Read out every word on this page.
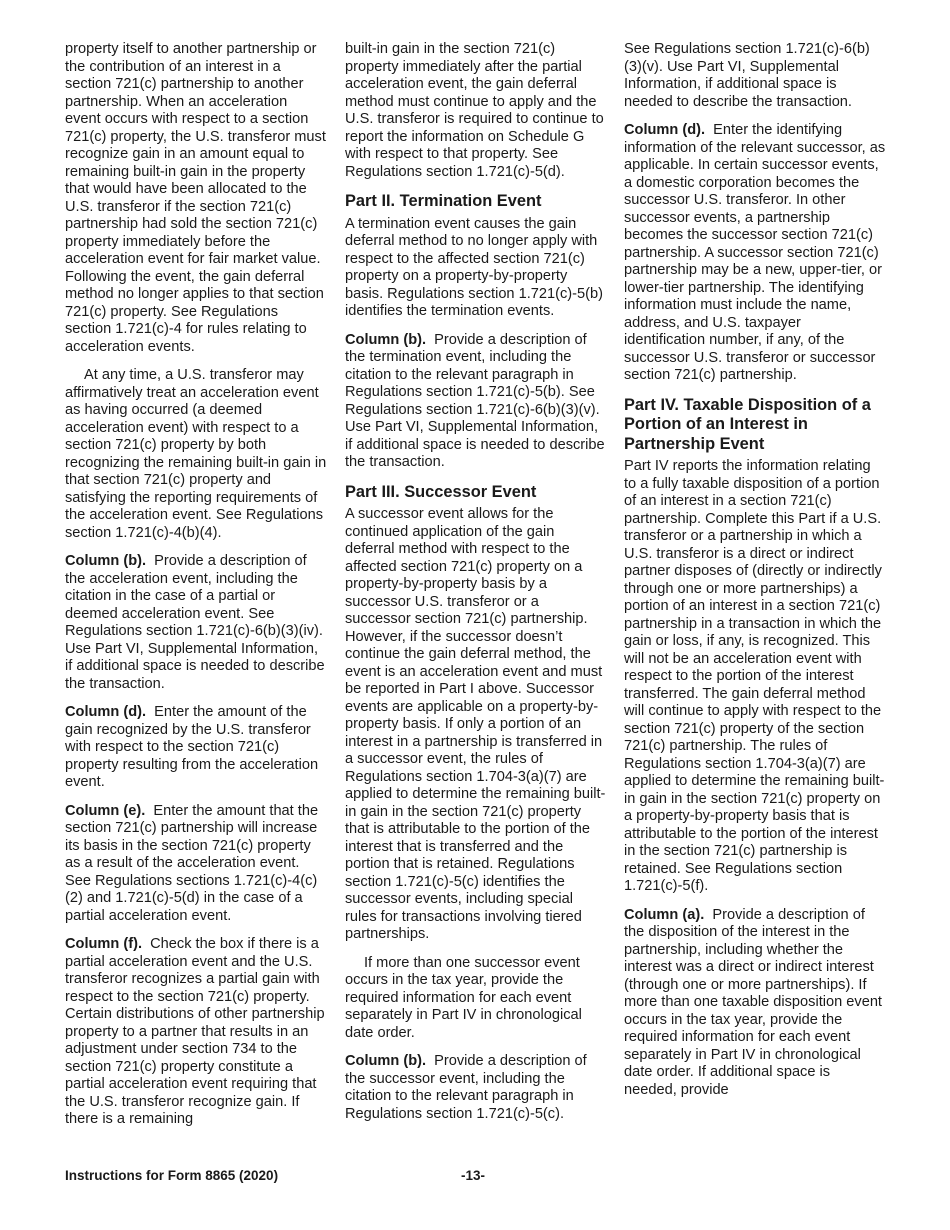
property itself to another partnership or the contribution of an interest in a section 721(c) partnership to another partnership. When an acceleration event occurs with respect to a section 721(c) property, the U.S. transferor must recognize gain in an amount equal to remaining built-in gain in the property that would have been allocated to the U.S. transferor if the section 721(c) partnership had sold the section 721(c) property immediately before the acceleration event for fair market value. Following the event, the gain deferral method no longer applies to that section 721(c) property. See Regulations section 1.721(c)-4 for rules relating to acceleration events.

At any time, a U.S. transferor may affirmatively treat an acceleration event as having occurred (a deemed acceleration event) with respect to a section 721(c) property by both recognizing the remaining built-in gain in that section 721(c) property and satisfying the reporting requirements of the acceleration event. See Regulations section 1.721(c)-4(b)(4).

Column (b). Provide a description of the acceleration event, including the citation in the case of a partial or deemed acceleration event. See Regulations section 1.721(c)-6(b)(3)(iv). Use Part VI, Supplemental Information, if additional space is needed to describe the transaction.

Column (d). Enter the amount of the gain recognized by the U.S. transferor with respect to the section 721(c) property resulting from the acceleration event.

Column (e). Enter the amount that the section 721(c) partnership will increase its basis in the section 721(c) property as a result of the acceleration event. See Regulations sections 1.721(c)-4(c)(2) and 1.721(c)-5(d) in the case of a partial acceleration event.

Column (f). Check the box if there is a partial acceleration event and the U.S. transferor recognizes a partial gain with respect to the section 721(c) property. Certain distributions of other partnership property to a partner that results in an adjustment under section 734 to the section 721(c) property constitute a partial acceleration event requiring that the U.S. transferor recognize gain. If there is a remaining

built-in gain in the section 721(c) property immediately after the partial acceleration event, the gain deferral method must continue to apply and the U.S. transferor is required to continue to report the information on Schedule G with respect to that property. See Regulations section 1.721(c)-5(d).

Part II. Termination Event

A termination event causes the gain deferral method to no longer apply with respect to the affected section 721(c) property on a property-by-property basis. Regulations section 1.721(c)-5(b) identifies the termination events.

Column (b). Provide a description of the termination event, including the citation to the relevant paragraph in Regulations section 1.721(c)-5(b). See Regulations section 1.721(c)-6(b)(3)(v). Use Part VI, Supplemental Information, if additional space is needed to describe the transaction.

Part III. Successor Event

A successor event allows for the continued application of the gain deferral method with respect to the affected section 721(c) property on a property-by-property basis by a successor U.S. transferor or a successor section 721(c) partnership. However, if the successor doesn’t continue the gain deferral method, the event is an acceleration event and must be reported in Part I above. Successor events are applicable on a property-by-property basis. If only a portion of an interest in a partnership is transferred in a successor event, the rules of Regulations section 1.704-3(a)(7) are applied to determine the remaining built-in gain in the section 721(c) property that is attributable to the portion of the interest that is transferred and the portion that is retained. Regulations section 1.721(c)-5(c) identifies the successor events, including special rules for transactions involving tiered partnerships.

If more than one successor event occurs in the tax year, provide the required information for each event separately in Part IV in chronological date order.

Column (b). Provide a description of the successor event, including the citation to the relevant paragraph in Regulations section 1.721(c)-5(c).

See Regulations section 1.721(c)-6(b)(3)(v). Use Part VI, Supplemental Information, if additional space is needed to describe the transaction.

Column (d). Enter the identifying information of the relevant successor, as applicable. In certain successor events, a domestic corporation becomes the successor U.S. transferor. In other successor events, a partnership becomes the successor section 721(c) partnership. A successor section 721(c) partnership may be a new, upper-tier, or lower-tier partnership. The identifying information must include the name, address, and U.S. taxpayer identification number, if any, of the successor U.S. transferor or successor section 721(c) partnership.

Part IV. Taxable Disposition of a Portion of an Interest in Partnership Event

Part IV reports the information relating to a fully taxable disposition of a portion of an interest in a section 721(c) partnership. Complete this Part if a U.S. transferor or a partnership in which a U.S. transferor is a direct or indirect partner disposes of (directly or indirectly through one or more partnerships) a portion of an interest in a section 721(c) partnership in a transaction in which the gain or loss, if any, is recognized. This will not be an acceleration event with respect to the portion of the interest transferred. The gain deferral method will continue to apply with respect to the section 721(c) property of the section 721(c) partnership. The rules of Regulations section 1.704-3(a)(7) are applied to determine the remaining built-in gain in the section 721(c) property on a property-by-property basis that is attributable to the portion of the interest in the section 721(c) partnership is retained. See Regulations section 1.721(c)-5(f).

Column (a). Provide a description of the disposition of the interest in the partnership, including whether the interest was a direct or indirect interest (through one or more partnerships). If more than one taxable disposition event occurs in the tax year, provide the required information for each event separately in Part IV in chronological date order. If additional space is needed, provide

Instructions for Form 8865 (2020)	-13-
